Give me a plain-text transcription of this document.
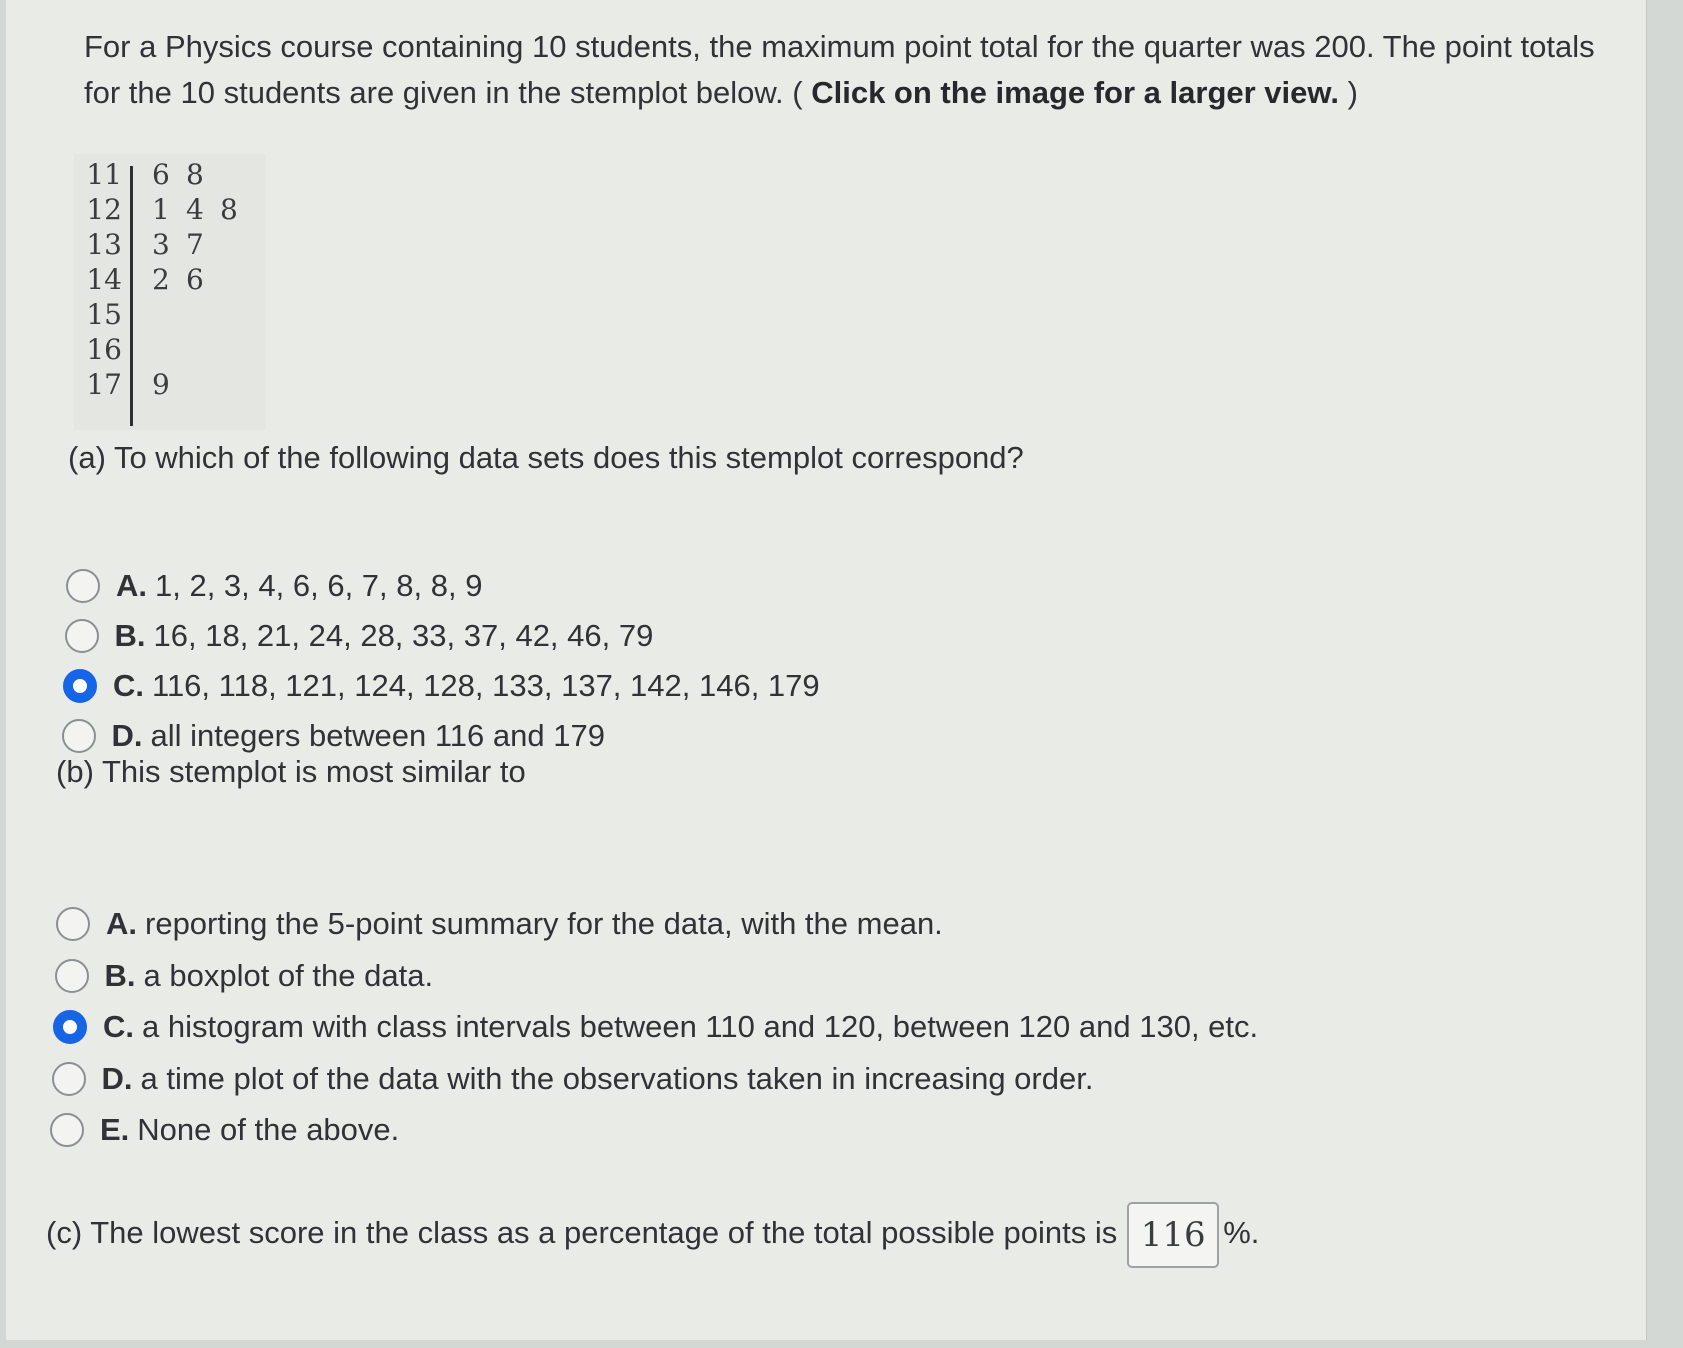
For a Physics course containing 10 students, the maximum point total for the quarter was 200. The point totals for the 10 students are given in the stemplot below. ( Click on the image for a larger view. )
11 6 8
12 1 4 8
13 3 7
14 2 6
15
16
17 9
(a) To which of the following data sets does this stemplot correspond?
A. 1, 2, 3, 4, 6, 6, 7, 8, 8, 9
B. 16, 18, 21, 24, 28, 33, 37, 42, 46, 79
C. 116, 118, 121, 124, 128, 133, 137, 142, 146, 179
D. all integers between 116 and 179
(b) This stemplot is most similar to
A. reporting the 5-point summary for the data, with the mean.
B. a boxplot of the data.
C. a histogram with class intervals between 110 and 120, between 120 and 130, etc.
D. a time plot of the data with the observations taken in increasing order.
E. None of the above.
(c) The lowest score in the class as a percentage of the total possible points is 116 %.
